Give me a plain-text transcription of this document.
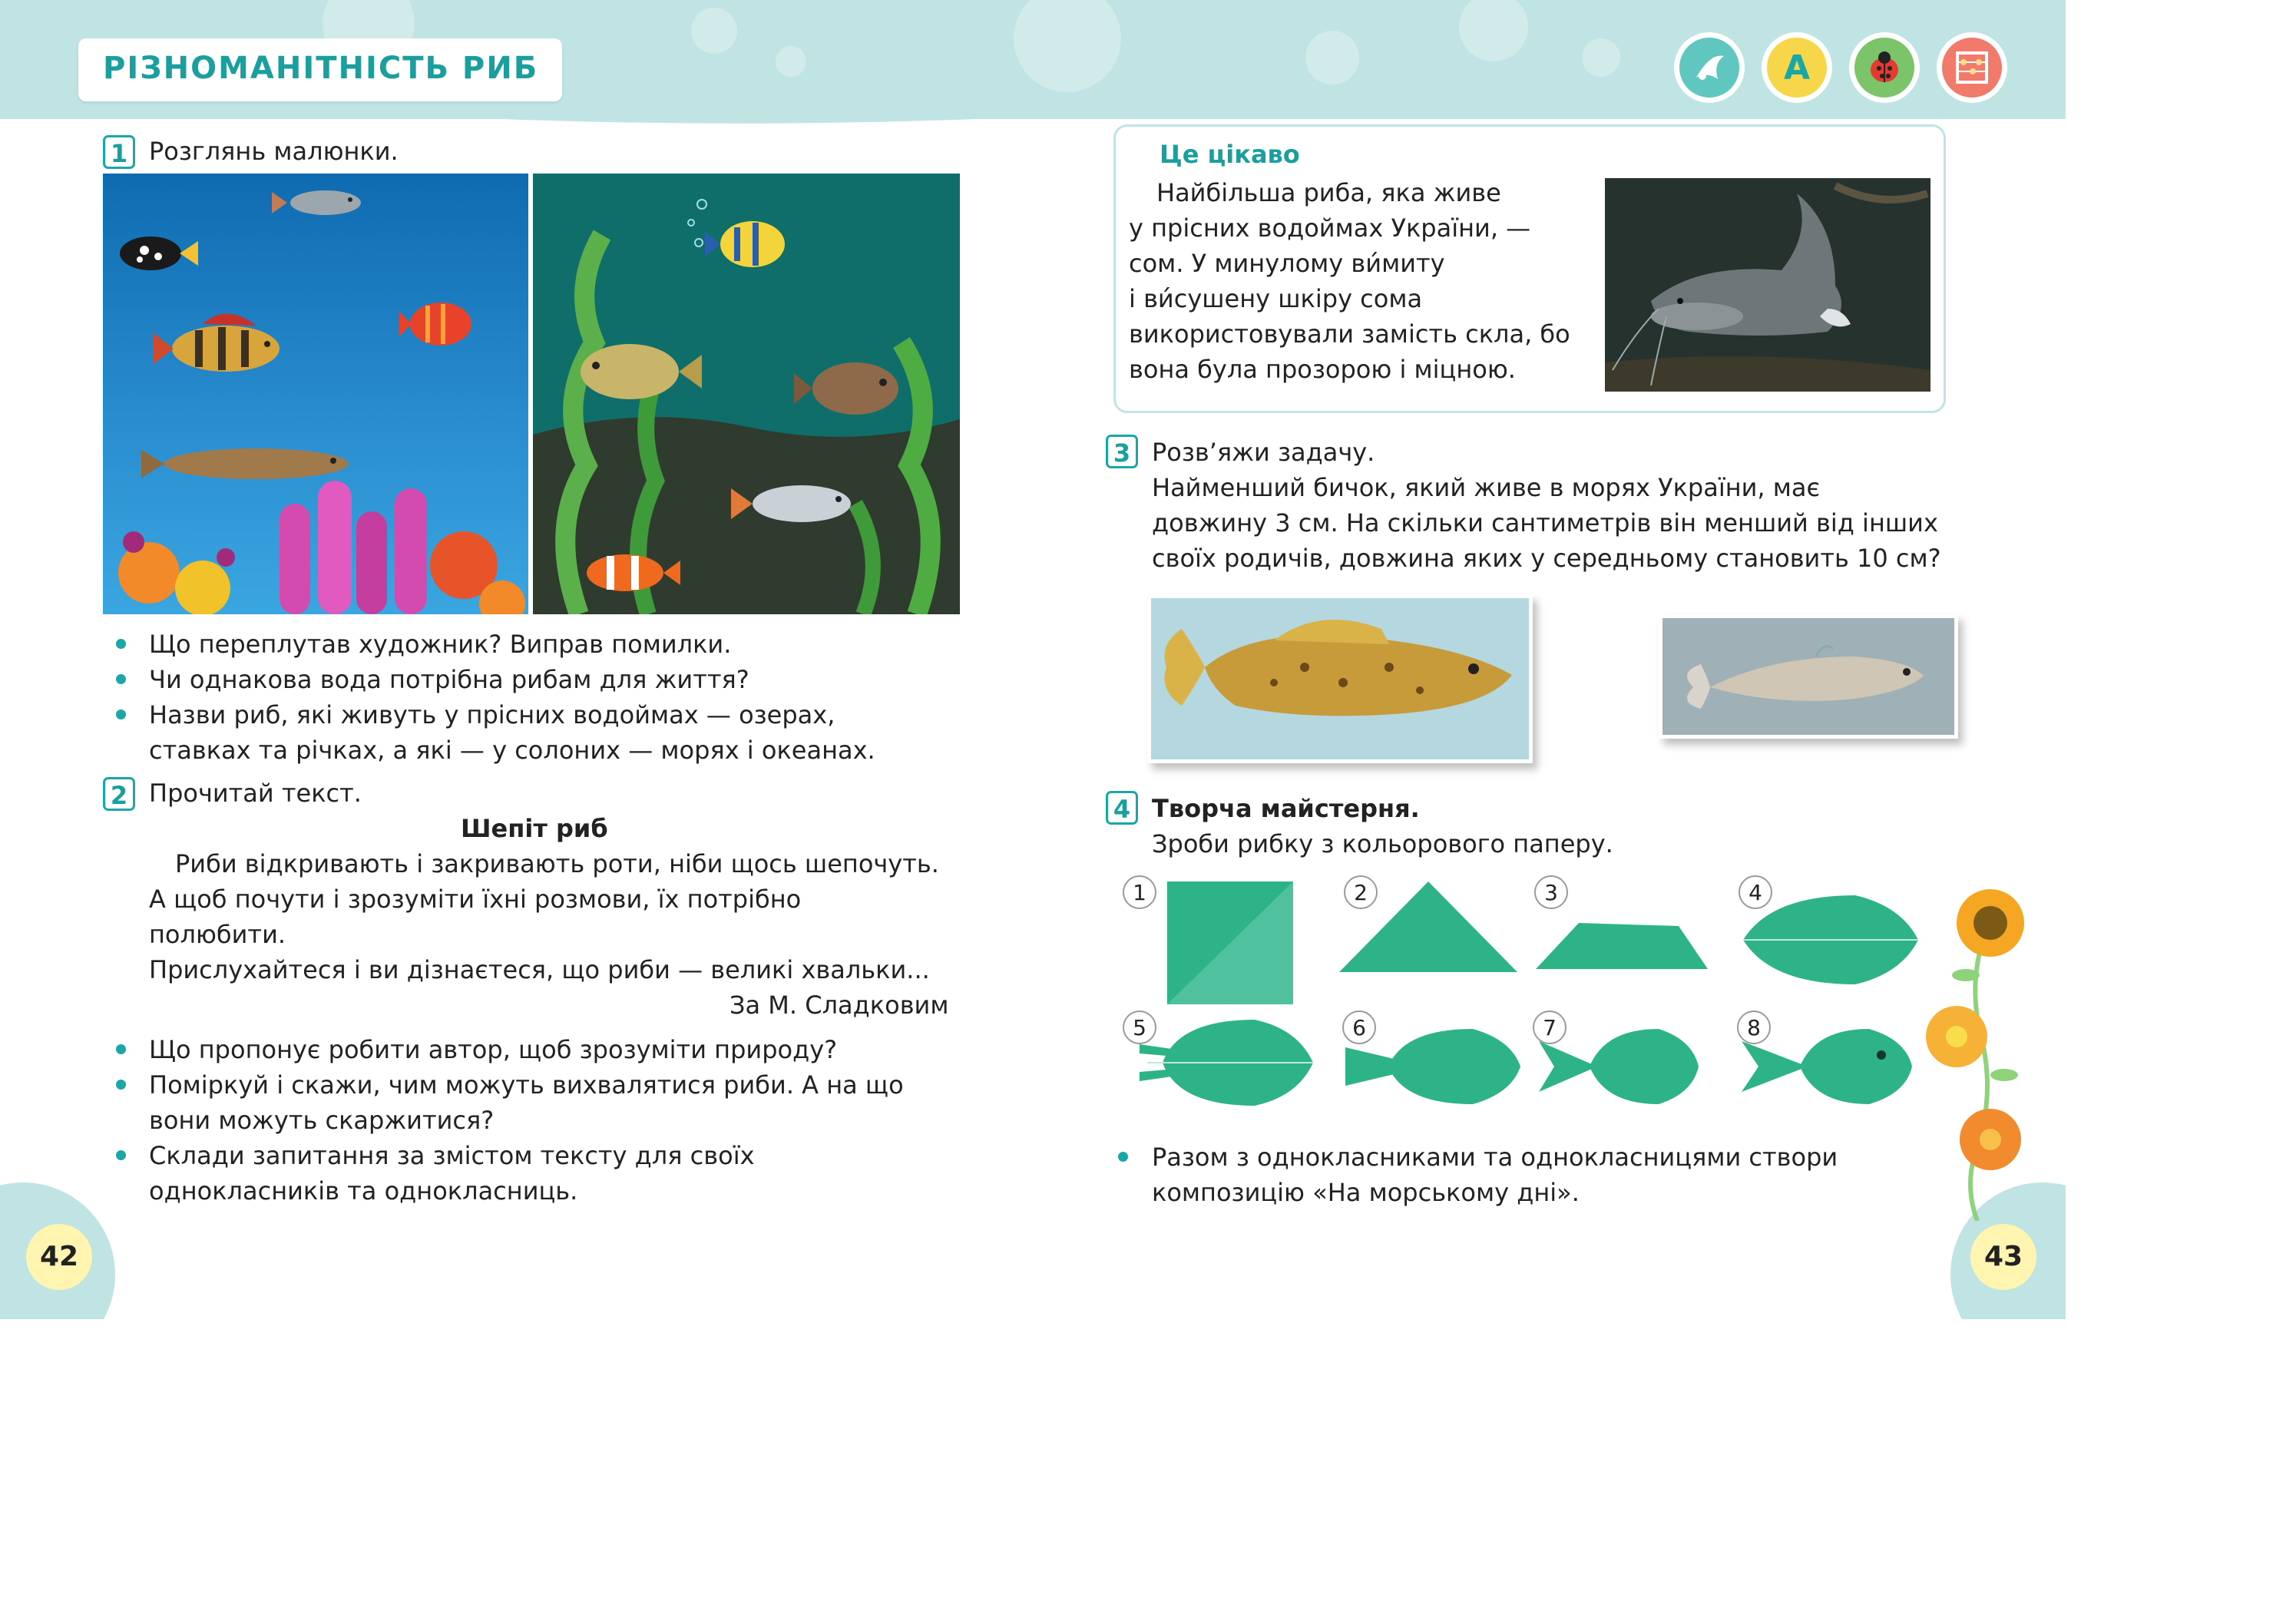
РІЗНОМАНІТНІСТЬ РИБ	A
1 Розглянь малюнки.
Що переплутав художник? Виправ помилки.
Чи однакова вода потрібна рибам для життя?
Назви риб, які живуть у прісних водоймах — озерах,
ставках та річках, а які — у солоних — морях і океанах.
2 Прочитай текст.
Шепіт риб
Риби відкривають і закривають роти, ніби щось шепочуть.
А щоб почути і зрозуміти їхні розмови, їх потрібно
полюбити.
Прислухайтеся і ви дізнаєтеся, що риби — великі хвальки...
За М. Сладковим
Що пропонує робити автор, щоб зрозуміти природу?
Поміркуй і скажи, чим можуть вихвалятися риби. А на що
вони можуть скаржитися?
Склади запитання за змістом тексту для своїх
однокласників та однокласниць.
42	43
Це цікаво
Найбільша риба, яка живе
у прісних водоймах України, —
сом. У минулому ви́миту
і ви́сушену шкіру сома
використовували замість скла, бо
вона була прозорою і міцною.
3 Розв’яжи задачу.
Найменший бичок, який живе в морях України, має
довжину 3 см. На скільки сантиметрів він менший від інших
своїх родичів, довжина яких у середньому становить 10 см?
4 Творча майстерня.
Зроби рибку з кольорового паперу.
1	2	3	4
5	6	7	8
Разом з однокласниками та однокласницями створи
композицію «На морському дні».
